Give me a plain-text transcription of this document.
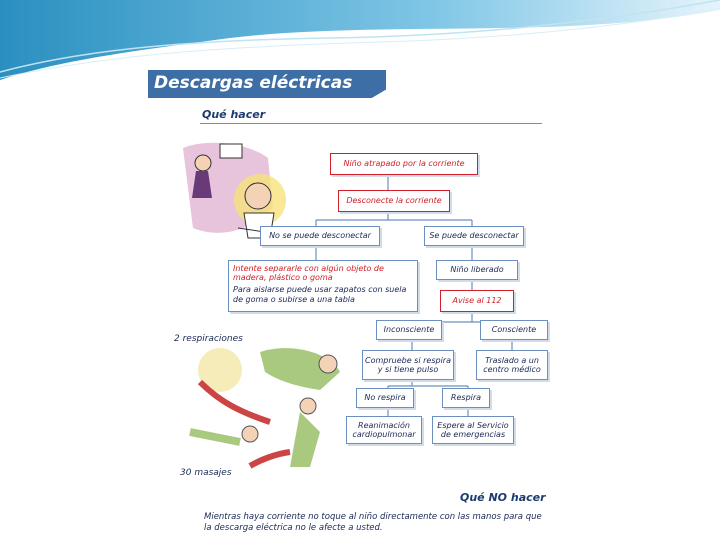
Descargas eléctricas
Qué hacer
Niño atrapado por la corriente
Desconecte la corriente
No se puede desconectar	Se puede desconectar
Intente separarle con algún objeto de madera, plástico o goma
Para aislarse puede usar zapatos con suela de goma o subirse a una tabla
Niño liberado
Avise al 112
Inconsciente	Consciente
Compruebe si respira y si tiene pulso
Traslado a un centro médico
No respira	Respira
Reanimación cardiopulmonar
Espere al Servicio de emergencias
2 respiraciones
30 masajes
Qué NO hacer
Mientras haya corriente no toque al niño directamente con las manos para que la descarga eléctrica no le afecte a usted.
